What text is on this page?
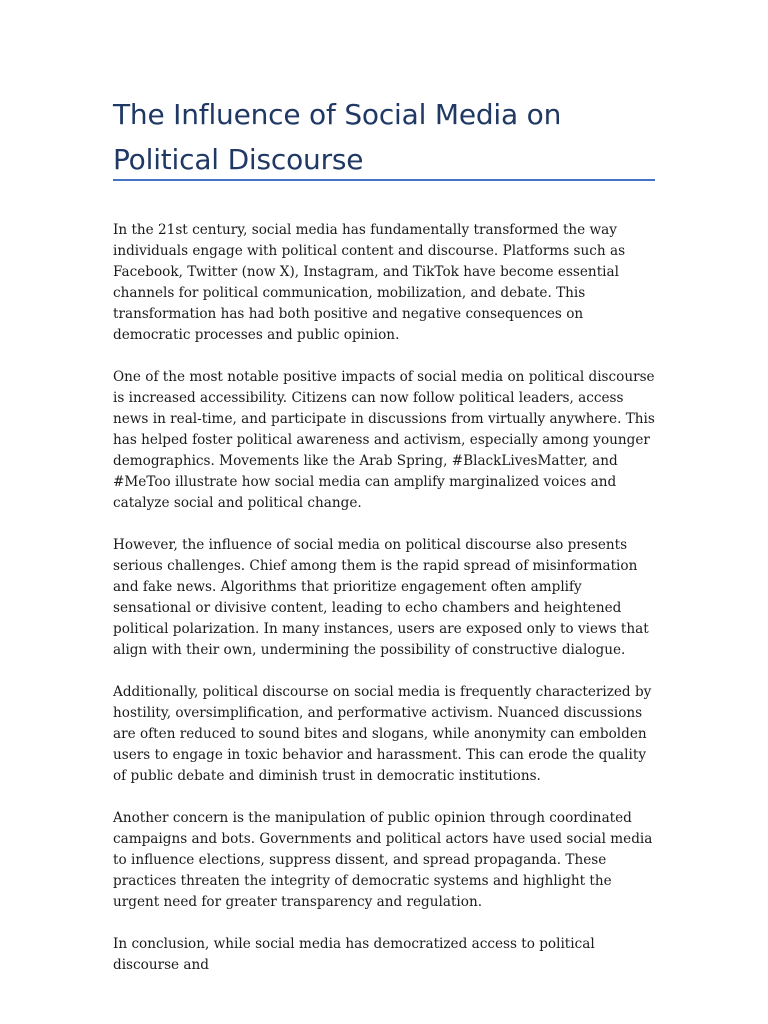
The Influence of Social Media on Political Discourse

In the 21st century, social media has fundamentally transformed the way individuals engage with political content and discourse. Platforms such as Facebook, Twitter (now X), Instagram, and TikTok have become essential channels for political communication, mobilization, and debate. This transformation has had both positive and negative consequences on democratic processes and public opinion.

One of the most notable positive impacts of social media on political discourse is increased accessibility. Citizens can now follow political leaders, access news in real-time, and participate in discussions from virtually anywhere. This has helped foster political awareness and activism, especially among younger demographics. Movements like the Arab Spring, #BlackLivesMatter, and #MeToo illustrate how social media can amplify marginalized voices and catalyze social and political change.

However, the influence of social media on political discourse also presents serious challenges. Chief among them is the rapid spread of misinformation and fake news. Algorithms that prioritize engagement often amplify sensational or divisive content, leading to echo chambers and heightened political polarization. In many instances, users are exposed only to views that align with their own, undermining the possibility of constructive dialogue.

Additionally, political discourse on social media is frequently characterized by hostility, oversimplification, and performative activism. Nuanced discussions are often reduced to sound bites and slogans, while anonymity can embolden users to engage in toxic behavior and harassment. This can erode the quality of public debate and diminish trust in democratic institutions.

Another concern is the manipulation of public opinion through coordinated campaigns and bots. Governments and political actors have used social media to influence elections, suppress dissent, and spread propaganda. These practices threaten the integrity of democratic systems and highlight the urgent need for greater transparency and regulation.

In conclusion, while social media has democratized access to political discourse and
